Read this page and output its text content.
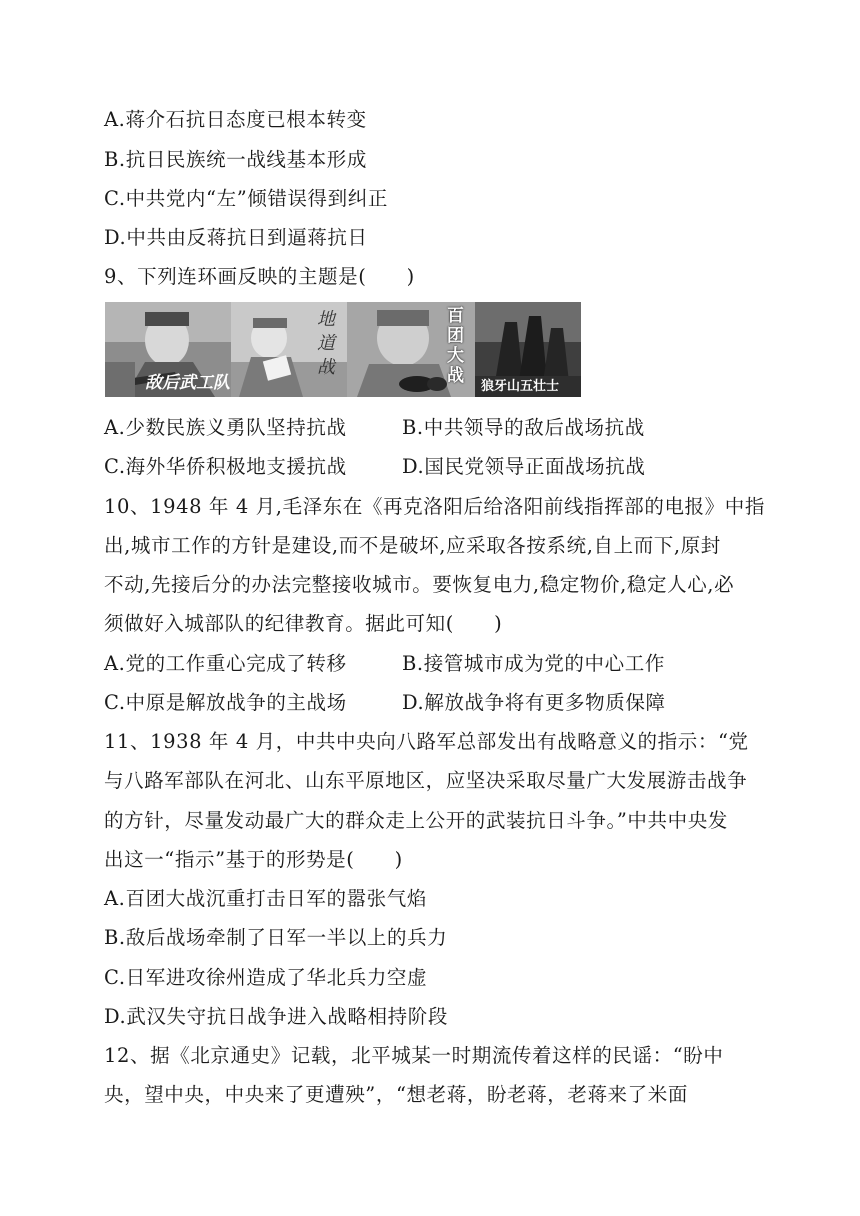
A.蒋介石抗日态度已根本转变
B.抗日民族统一战线基本形成
C.中共党内“左”倾错误得到纠正
D.中共由反蒋抗日到逼蒋抗日
9、下列连环画反映的主题是(　　)
敌后武工队
地道战
百团大战
狼牙山五壮士
A.少数民族义勇队坚持抗战	B.中共领导的敌后战场抗战
C.海外华侨积极地支援抗战	D.国民党领导正面战场抗战
10、1948 年 4 月,毛泽东在《再克洛阳后给洛阳前线指挥部的电报》中指
出,城市工作的方针是建设,而不是破坏,应采取各按系统,自上而下,原封
不动,先接后分的办法完整接收城市。要恢复电力,稳定物价,稳定人心,必
须做好入城部队的纪律教育。据此可知(　　)
A.党的工作重心完成了转移	B.接管城市成为党的中心工作
C.中原是解放战争的主战场	D.解放战争将有更多物质保障
11、1938 年 4 月，中共中央向八路军总部发出有战略意义的指示：“党
与八路军部队在河北、山东平原地区，应坚决采取尽量广大发展游击战争
的方针，尽量发动最广大的群众走上公开的武装抗日斗争。”中共中央发
出这一“指示”基于的形势是(　　)
A.百团大战沉重打击日军的嚣张气焰
B.敌后战场牵制了日军一半以上的兵力
C.日军进攻徐州造成了华北兵力空虚
D.武汉失守抗日战争进入战略相持阶段
12、据《北京通史》记载，北平城某一时期流传着这样的民谣：“盼中
央，望中央，中央来了更遭殃”，“想老蒋，盼老蒋，老蒋来了米面
